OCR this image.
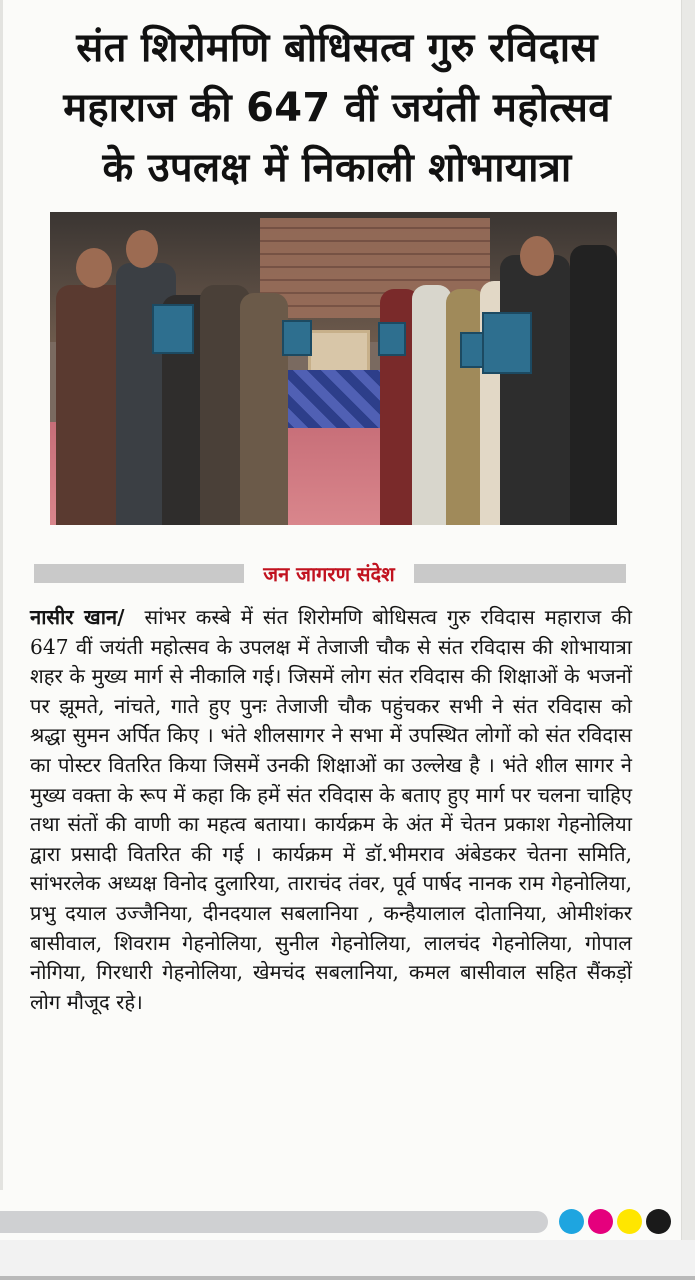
संत शिरोमणि बोधिसत्व गुरु रविदास
महाराज की 647 वीं जयंती महोत्सव
के उपलक्ष में निकाली शोभायात्रा
जन जागरण संदेश
नासीर खान/ सांभर कस्बे में संत शिरोमणि बोधिसत्व गुरु रविदास महाराज की 647 वीं जयंती महोत्सव के उपलक्ष में तेजाजी चौक से संत रविदास की शोभायात्रा शहर के मुख्य मार्ग से नीकालि गई। जिसमें लोग संत रविदास की शिक्षाओं के भजनों पर झूमते, नांचते, गाते हुए पुनः तेजाजी चौक पहुंचकर सभी ने संत रविदास को श्रद्धा सुमन अर्पित किए । भंते शीलसागर ने सभा में उपस्थित लोगों को संत रविदास का पोस्टर वितरित किया जिसमें उनकी शिक्षाओं का उल्लेख है । भंते शील सागर ने मुख्य वक्ता के रूप में कहा कि हमें संत रविदास के बताए हुए मार्ग पर चलना चाहिए तथा संतों की वाणी का महत्व बताया। कार्यक्रम के अंत में चेतन प्रकाश गेहनोलिया द्वारा प्रसादी वितरित की गई । कार्यक्रम में डॉ.भीमराव अंबेडकर चेतना समिति, सांभरलेक अध्यक्ष विनोद दुलारिया, ताराचंद तंवर, पूर्व पार्षद नानक राम गेहनोलिया, प्रभु दयाल उज्जैनिया, दीनदयाल सबलानिया , कन्हैयालाल दोतानिया, ओमीशंकर बासीवाल, शिवराम गेहनोलिया, सुनील गेहनोलिया, लालचंद गेहनोलिया, गोपाल नोगिया, गिरधारी गेहनोलिया, खेमचंद सबलानिया, कमल बासीवाल सहित सैंकड़ों लोग मौजूद रहे।
